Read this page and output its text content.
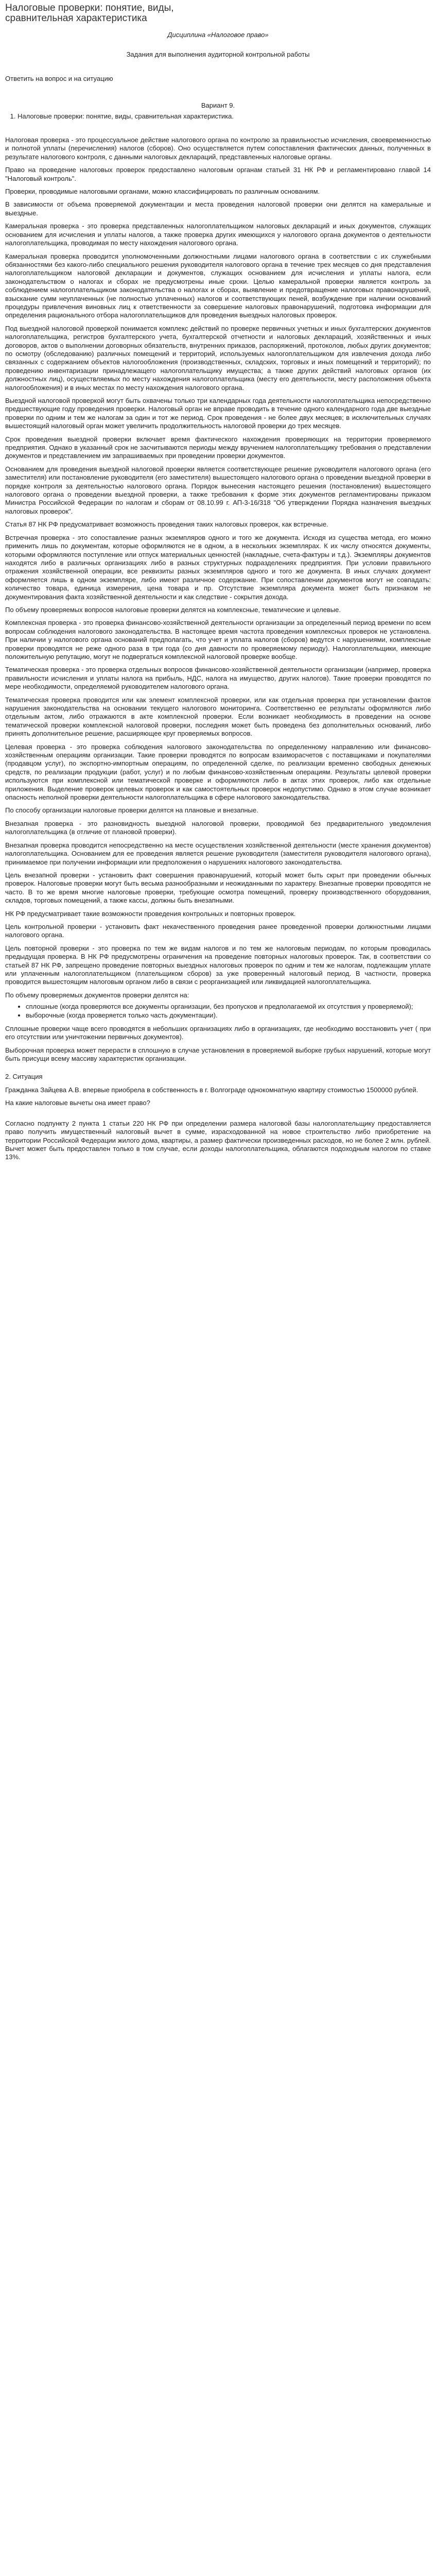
Налоговые проверки: понятие, виды, сравнительная характеристика
Дисциплина «Налоговое право»
Задания для выполнения аудиторной контрольной работы
Ответить на вопрос и на ситуацию
Вариант 9.
1. Налоговые проверки: понятие, виды, сравнительная характеристика.

Налоговая проверка - это процессуальное действие налогового органа по контролю за правильностью исчисления, своевременностью и полнотой уплаты (перечисления) налогов (сборов). Оно осуществляется путем сопоставления фактических данных, полученных в результате налогового контроля, с данными налоговых деклараций, представленных налоговые органы.

Право на проведение налоговых проверок предоставлено налоговым органам статьей 31 НК РФ и регламентировано главой 14 "Налоговый контроль".

Проверки, проводимые налоговыми органами, можно классифицировать по различным основаниям.

В зависимости от объема проверяемой документации и места проведения налоговой проверки они делятся на камеральные и выездные.

Камеральная проверка - это проверка представленных налогоплательщиком налоговых деклараций и иных документов, служащих основанием для исчисления и уплаты налогов, а также проверка других имеющихся у налогового органа документов о деятельности налогоплательщика, проводимая по месту нахождения налогового органа.

Камеральная проверка проводится уполномоченными должностными лицами налогового органа в соответствии с их служебными обязанностями без какого-либо специального решения руководителя налогового органа в течение трех месяцев со дня представления налогоплательщиком налоговой декларации и документов, служащих основанием для исчисления и уплаты налога, если законодательством о налогах и сборах не предусмотрены иные сроки. Целью камеральной проверки является контроль за соблюдением налогоплательщиком законодательства о налогах и сборах, выявление и предотвращение налоговых правонарушений, взыскание сумм неуплаченных (не полностью уплаченных) налогов и соответствующих пеней, возбуждение при наличии оснований процедуры привлечения виновных лиц к ответственности за совершение налоговых правонарушений, подготовка информации для определения рационального отбора налогоплательщиков для проведения выездных налоговых проверок.

Под выездной налоговой проверкой понимается комплекс действий по проверке первичных учетных и иных бухгалтерских документов налогоплательщика, регистров бухгалтерского учета, бухгалтерской отчетности и налоговых деклараций, хозяйственных и иных договоров, актов о выполнении договорных обязательств, внутренних приказов, распоряжений, протоколов, любых других документов; по осмотру (обследованию) различных помещений и территорий, используемых налогоплательщиком для извлечения дохода либо связанных с содержанием объектов налогообложения (производственных, складских, торговых и иных помещений и территорий); по проведению инвентаризации принадлежащего налогоплательщику имущества; а также других действий налоговых органов (их должностных лиц), осуществляемых по месту нахождения налогоплательщика (месту его деятельности, месту расположения объекта налогообложения) и в иных местах по месту нахождения налогового органа.

Выездной налоговой проверкой могут быть охвачены только три календарных года деятельности налогоплательщика непосредственно предшествующие году проведения проверки. Налоговый орган не вправе проводить в течение одного календарного года две выездные проверки по одним и тем же налогам за один и тот же период. Срок проведения - не более двух месяцев; в исключительных случаях вышестоящий налоговый орган может увеличить продолжительность налоговой проверки до трех месяцев.

Срок проведения выездной проверки включает время фактического нахождения проверяющих на территории проверяемого предприятия. Однако в указанный срок не засчитываются периоды между вручением налогоплательщику требования о представлении документов и представлением им запрашиваемых при проведении проверки документов.

Основанием для проведения выездной налоговой проверки является соответствующее решение руководителя налогового органа (его заместителя) или постановление руководителя (его заместителя) вышестоящего налогового органа о проведении выездной проверки в порядке контроля за деятельностью налогового органа. Порядок вынесения настоящего решения (постановления) вышестоящего налогового органа о проведении выездной проверки, а также требования к форме этих документов регламентированы приказом Министра Российской Федерации по налогам и сборам от 08.10.99 г. АП-3-16/318 "Об утверждении Порядка назначения выездных налоговых проверок".

Статья 87 НК РФ предусматривает возможность проведения таких налоговых проверок, как встречные.

Встречная проверка - это сопоставление разных экземпляров одного и того же документа. Исходя из существа метода, его можно применить лишь по документам, которые оформляются не в одном, а в нескольких экземплярах. К их числу относятся документы, которыми оформляются поступление или отпуск материальных ценностей (накладные, счета-фактуры и т.д.). Экземпляры документов находятся либо в различных организациях либо в разных структурных подразделениях предприятия. При условии правильного отражения хозяйственной операции, все реквизиты разных экземпляров одного и того же документа. В иных случаях документ оформляется лишь в одном экземпляре, либо имеют различное содержание. При сопоставлении документов могут не совпадать: количество товара, единица измерения, цена товара и пр. Отсутствие экземпляра документа может быть признаком не документирования факта хозяйственной деятельности и как следствие - сокрытия дохода.

По объему проверяемых вопросов налоговые проверки делятся на комплексные, тематические и целевые.

Комплексная проверка - это проверка финансово-хозяйственной деятельности организации за определенный период времени по всем вопросам соблюдения налогового законодательства. В настоящее время частота проведения комплексных проверок не установлена. При наличии у налогового органа оснований предполагать, что учет и уплата налогов (сборов) ведутся с нарушениями, комплексные проверки проводятся не реже одного раза в три года (со дня давности по проверяемому периоду). Налогоплательщики, имеющие положительную репутацию, могут не подвергаться комплексной налоговой проверке вообще.

Тематическая проверка - это проверка отдельных вопросов финансово-хозяйственной деятельности организации (например, проверка правильности исчисления и уплаты налога на прибыль, НДС, налога на имущество, других налогов). Такие проверки проводятся по мере необходимости, определяемой руководителем налогового органа.

Тематическая проверка проводится или как элемент комплексной проверки, или как отдельная проверка при установлении фактов нарушения законодательства на основании текущего налогового мониторинга. Соответственно ее результаты оформляются либо отдельным актом, либо отражаются в акте комплексной проверки. Если возникает необходимость в проведении на основе тематической проверки комплексной налоговой проверки, последняя может быть проведена без дополнительных оснований, либо принять дополнительное решение, расширяющее круг проверяемых вопросов.

Целевая проверка - это проверка соблюдения налогового законодательства по определенному направлению или финансово-хозяйственным операциям организации. Такие проверки проводятся по вопросам взаиморасчетов с поставщиками и покупателями (продавцом услуг), по экспортно-импортным операциям, по определенной сделке, по реализации временно свободных денежных средств, по реализации продукции (работ, услуг) и по любым финансово-хозяйственным операциям. Результаты целевой проверки используются при комплексной или тематической проверке и оформляются либо в актах этих проверок, либо как отдельные приложения. Выделение проверок целевых проверок и как самостоятельных проверок недопустимо. Однако в этом случае возникает опасность неполной проверки деятельности налогоплательщика в сфере налогового законодательства.

По способу организации налоговые проверки делятся на плановые и внезапные.

Внезапная проверка - это разновидность выездной налоговой проверки, проводимой без предварительного уведомления налогоплательщика (в отличие от плановой проверки).

Внезапная проверка проводится непосредственно на месте осуществления хозяйственной деятельности (месте хранения документов) налогоплательщика. Основанием для ее проведения является решение руководителя (заместителя руководителя налогового органа), принимаемое при получении информации или предположения о нарушениях налогового законодательства.

Цель внезапной проверки - установить факт совершения правонарушений, который может быть скрыт при проведении обычных проверок. Налоговые проверки могут быть весьма разнообразными и неожиданными по характеру. Внезапные проверки проводятся не часто. В то же время многие налоговые проверки, требующие осмотра помещений, проверку производственного оборудования, складов, торговых помещений, а также кассы, должны быть внезапными.

НК РФ предусматривает такие возможности проведения контрольных и повторных проверок.

Цель контрольной проверки - установить факт некачественного проведения ранее проведенной проверки должностными лицами налогового органа.

Цель повторной проверки - это проверка по тем же видам налогов и по тем же налоговым периодам, по которым проводилась предыдущая проверка. В НК РФ предусмотрены ограничения на проведение повторных налоговых проверок. Так, в соответствии со статьей 87 НК РФ, запрещено проведение повторных выездных налоговых проверок по одним и тем же налогам, подлежащим уплате или уплаченным налогоплательщиком (плательщиком сборов) за уже проверенный налоговый период. В частности, проверка проводится вышестоящим налоговым органом либо в связи с реорганизацией или ликвидацией налогоплательщика.

По объему проверяемых документов проверки делятся на:

• сплошные (когда проверяются все документы организации, без пропусков и предполагаемой их отсутствия у проверяемой);
• выборочные (когда проверяется только часть документации).

Сплошные проверки чаще всего проводятся в небольших организациях либо в организациях, где необходимо восстановить учет ( при его отсутствии или уничтожении первичных документов).

Выборочная проверка может перерасти в сплошную в случае установления в проверяемой выборке грубых нарушений, которые могут быть присущи всему массиву характеристик организации.

2. Ситуация

Гражданка Зайцева А.В. впервые приобрела в собственность в г. Волгограде однокомнатную квартиру стоимостью 1500000 рублей.

На какие налоговые вычеты она имеет право?

Согласно подпункту 2 пункта 1 статьи 220 НК РФ при определении размера налоговой базы налогоплательщику предоставляется право получить имущественный налоговый вычет в сумме, израсходованной на новое строительство либо приобретение на территории Российской Федерации жилого дома, квартиры, а размер фактически произведенных расходов, но не более 2 млн. рублей. Вычет может быть предоставлен только в том случае, если доходы налогоплательщика, облагаются подоходным налогом по ставке 13%.
